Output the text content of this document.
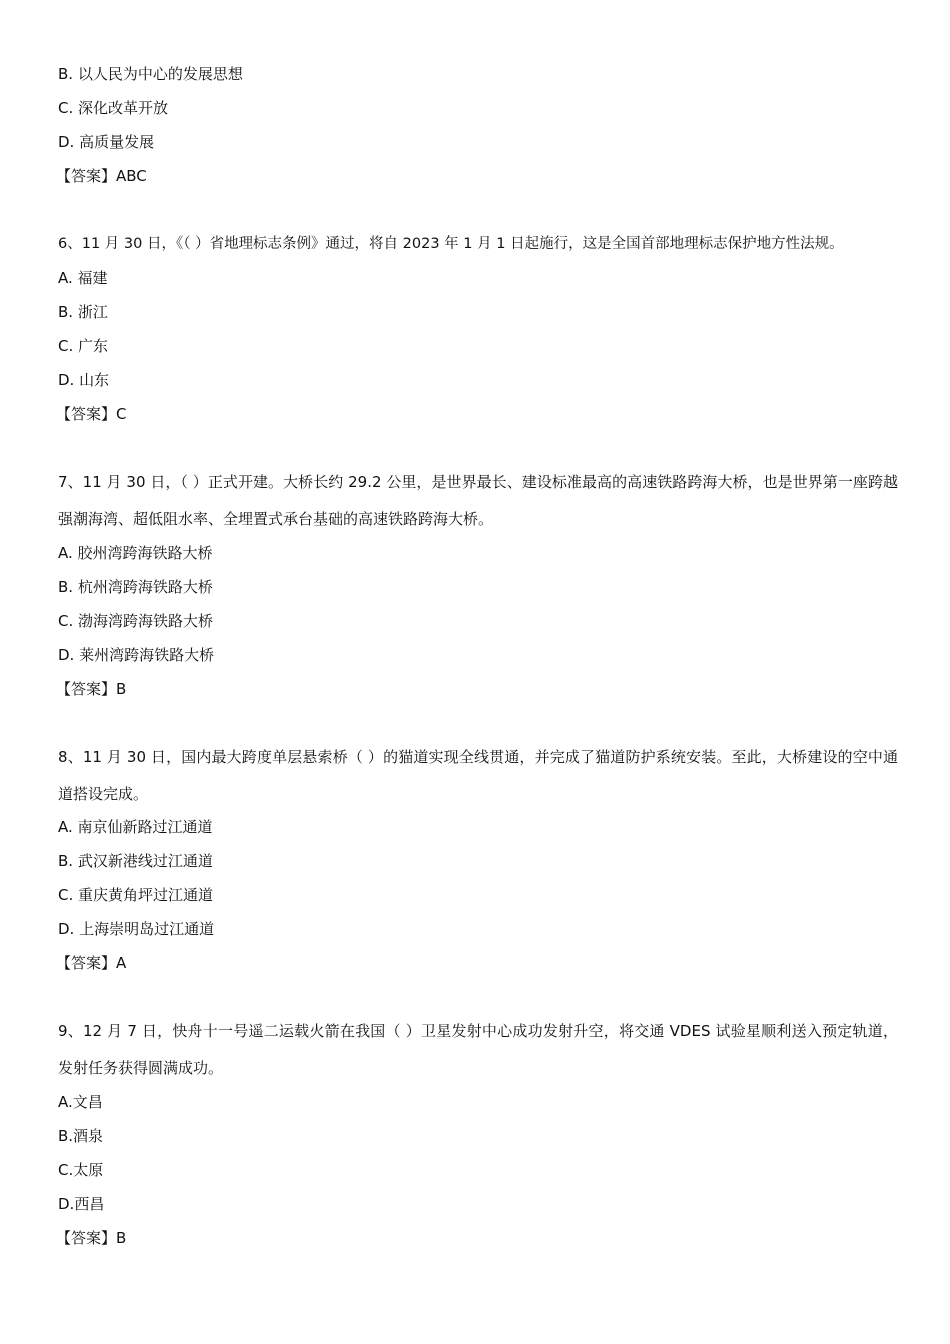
B. 以人民为中心的发展思想
C. 深化改革开放
D. 高质量发展
【答案】ABC
6、11 月 30 日，《（ ）省地理标志条例》通过，将自 2023 年 1 月 1 日起施行，这是全国首部地理标志保护地方性法规。
A. 福建
B. 浙江
C. 广东
D. 山东
【答案】C
7、11 月 30 日，（ ）正式开建。大桥长约 29.2 公里，是世界最长、建设标准最高的高速铁路跨海大桥，也是世界第一座跨越强潮海湾、超低阻水率、全埋置式承台基础的高速铁路跨海大桥。
A. 胶州湾跨海铁路大桥
B. 杭州湾跨海铁路大桥
C. 渤海湾跨海铁路大桥
D. 莱州湾跨海铁路大桥
【答案】B
8、11 月 30 日，国内最大跨度单层悬索桥（ ）的猫道实现全线贯通，并完成了猫道防护系统安装。至此，大桥建设的空中通道搭设完成。
A. 南京仙新路过江通道
B. 武汉新港线过江通道
C. 重庆黄角坪过江通道
D. 上海崇明岛过江通道
【答案】A
9、12 月 7 日，快舟十一号遥二运载火箭在我国（ ）卫星发射中心成功发射升空，将交通 VDES 试验星顺利送入预定轨道，发射任务获得圆满成功。
A.文昌
B.酒泉
C.太原
D.西昌
【答案】B
